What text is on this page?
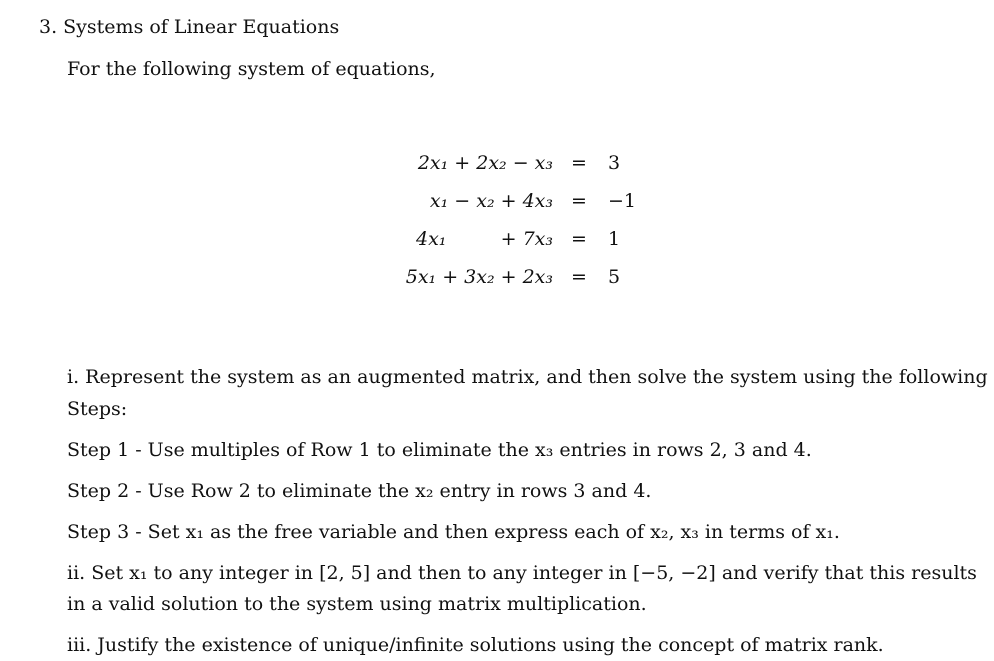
3. Systems of Linear Equations
For the following system of equations,
2x₁ + 2x₂ − x₃ = 3
x₁ − x₂ + 4x₃ = −1
4x₁	+ 7x₃ = 1
5x₁ + 3x₂ + 2x₃ = 5
i. Represent the system as an augmented matrix, and then solve the system using the following
Steps:
Step 1 - Use multiples of Row 1 to eliminate the x₃ entries in rows 2, 3 and 4.
Step 2 - Use Row 2 to eliminate the x₂ entry in rows 3 and 4.
Step 3 - Set x₁ as the free variable and then express each of x₂, x₃ in terms of x₁.
ii. Set x₁ to any integer in [2, 5] and then to any integer in [−5, −2] and verify that this results
in a valid solution to the system using matrix multiplication.
iii. Justify the existence of unique/infinite solutions using the concept of matrix rank.
